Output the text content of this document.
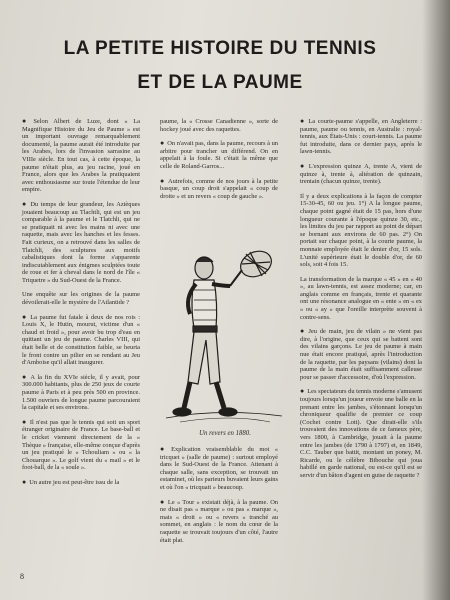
LA PETITE HISTOIRE DU TENNIS
ET DE LA PAUME

● Selon Albert de Luze, dont « La Magnifique Histoire du Jeu de Paume » est un important ouvrage remarquablement documenté, la paume aurait été introduite par les Arabes, lors de l'invasion sarrasine au VIIIe siècle. En tout cas, à cette époque, la paume n'était plus, au jeu racine, joué en France, alors que les Arabes la pratiquaient avec enthousiasme sur toute l'étendue de leur empire.

● Du temps de leur grandeur, les Aztèques jouaient beaucoup au Tlachtli, qui est un jeu comparable à la paume et le Tlatchli, qui ne se pratiquait ni avec les mains ni avec une raquette, mais avec les hanches et les fesses. Fait curieux, on a retrouvé dans les salles de Tlatchli, des sculptures aux motifs cabalistiques dont la forme s'apparente indiscutablement aux énigmes sculptées toute de roue et fer à cheval dans le nord de l'île « Triquetre » du Sud-Ouest de la France.

Une enquête sur les origines de la paume dévoilerait-elle le mystère de l'Atlantide ?

● La paume fut fatale à deux de nos rois : Louis X, le Hutin, mourut, victime d'un « chaud et froid », pour avoir bu trop d'eau en quittant un jeu de paume. Charles VIII, qui était belle et de constitution faible, se heurta le front contre un pilier en se rendant au Jeu d'Amboise qu'il allait inaugurer.

● A la fin du XVIe siècle, il y avait, pour 300.000 habitants, plus de 250 jeux de courte paume à Paris et à peu près 500 en province. 1.500 ouvriers de longue paume parcouraient la capitale et ses environs.

● Il n'est pas que le tennis qui soit un sport étranger originaire de France. Le base-ball et le cricket viennent directement de la « Thèque » française, elle-même conçue d'après un jeu pratiqué le « Tchouliam » ou « la Chouarque ». Le golf vient du « mail » et le foot-ball, de la « soule ».

● Un autre jeu est peut-être issu de la

paume, la « Crosse Canadienne », sorte de hockey joué avec des raquettes.

● On n'avait pas, dans la paume, recours à un arbitre pour trancher un différend. On en appelait à la foule. Si c'était la même que celle de Roland-Garros...

● Autrefois, comme de nos jours à la petite basque, un coup droit s'appelait « coup de droite » et un revers « coup de gauche ».

Un revers en 1880.

● Explication vraisemblable du mot « tricquet » (salle de paume) : surtout employé dans le Sud-Ouest de la France. Attenant à chaque salle, sans exception, se trouvait un estaminet, où les parieurs buvaient leurs gains et où l'on « tricquait » beaucoup.

● Le « Tour » existait déjà, à la paume. On ne disait pas « marque » ou pas « marque », mais « droit » ou « revers » tranché au sommet, en anglais : le nom du cœur de la raquette se trouvait toujours d'un côté, l'autre était plat.

● La courte-paume s'appelle, en Angleterre : paume, paume ou tennis, en Australie : royal-tennis, aux États-Unis : court-tennis. La paume fut introduite, dans ce dernier pays, après le lawn-tennis.

● L'expression quinze A, trente A, vient de quinze à, trente à, altération de quinzain, trentain (chacun quinze, trente).

Il y a deux explications à la façon de compter 15-30-45, 60 ou jeu. 1°) A la longue paume, chaque point gagné était de 15 pas, hors d'une longueur courante à l'époque quinze 30, etc., les limites du jeu par rapport au point de départ se bornant aux environs de 60 pas. 2°) On portait sur chaque point, à la courte paume, la monnaie employée était le denier d'or, 15 sols. L'unité supérieure était le double d'or, de 60 sols, soit 4 fois 15.

La transformation de la marque « 45 » en « 40 », au lawn-tennis, est assez moderne; car, en anglais comme en français, trente et quarante ont une résonance analogue en « ente » en « ex » ou « ay » que l'oreille interprète souvent à contre-sens.

● Jeu de main, jeu de vilain » ne vient pas dire, à l'origine, que ceux qui se battent sont des vilains garçons. Le jeu de paume à main nue était encore pratiqué, après l'introduction de la raquette, par les paysans (vilains) dont la paume de la main était suffisamment calleuse pour se passer d'accessoire, d'où l'expression.

● Les spectateurs du tennis moderne s'amusent toujours lorsqu'un joueur envoie une balle en la prenant entre les jambes, s'étonnant lorsqu'un chroniqueur qualifie de premier ce coup (Cochet contre Lott). Que dirait-elle s'ils trouvaient des innovations de ce fameux père, vers 1800, à Cambridge, jouait à la paume entre les jambes (de 1790 à 1797) et, en 1849, C.C. Tauber que battit, montant un poney, M. Ricarde, ou le célèbre Bibouche qui joua habillé en garde national, ou est-ce qu'il est se servir d'un bâton d'agent en guise de raquette ?

8
